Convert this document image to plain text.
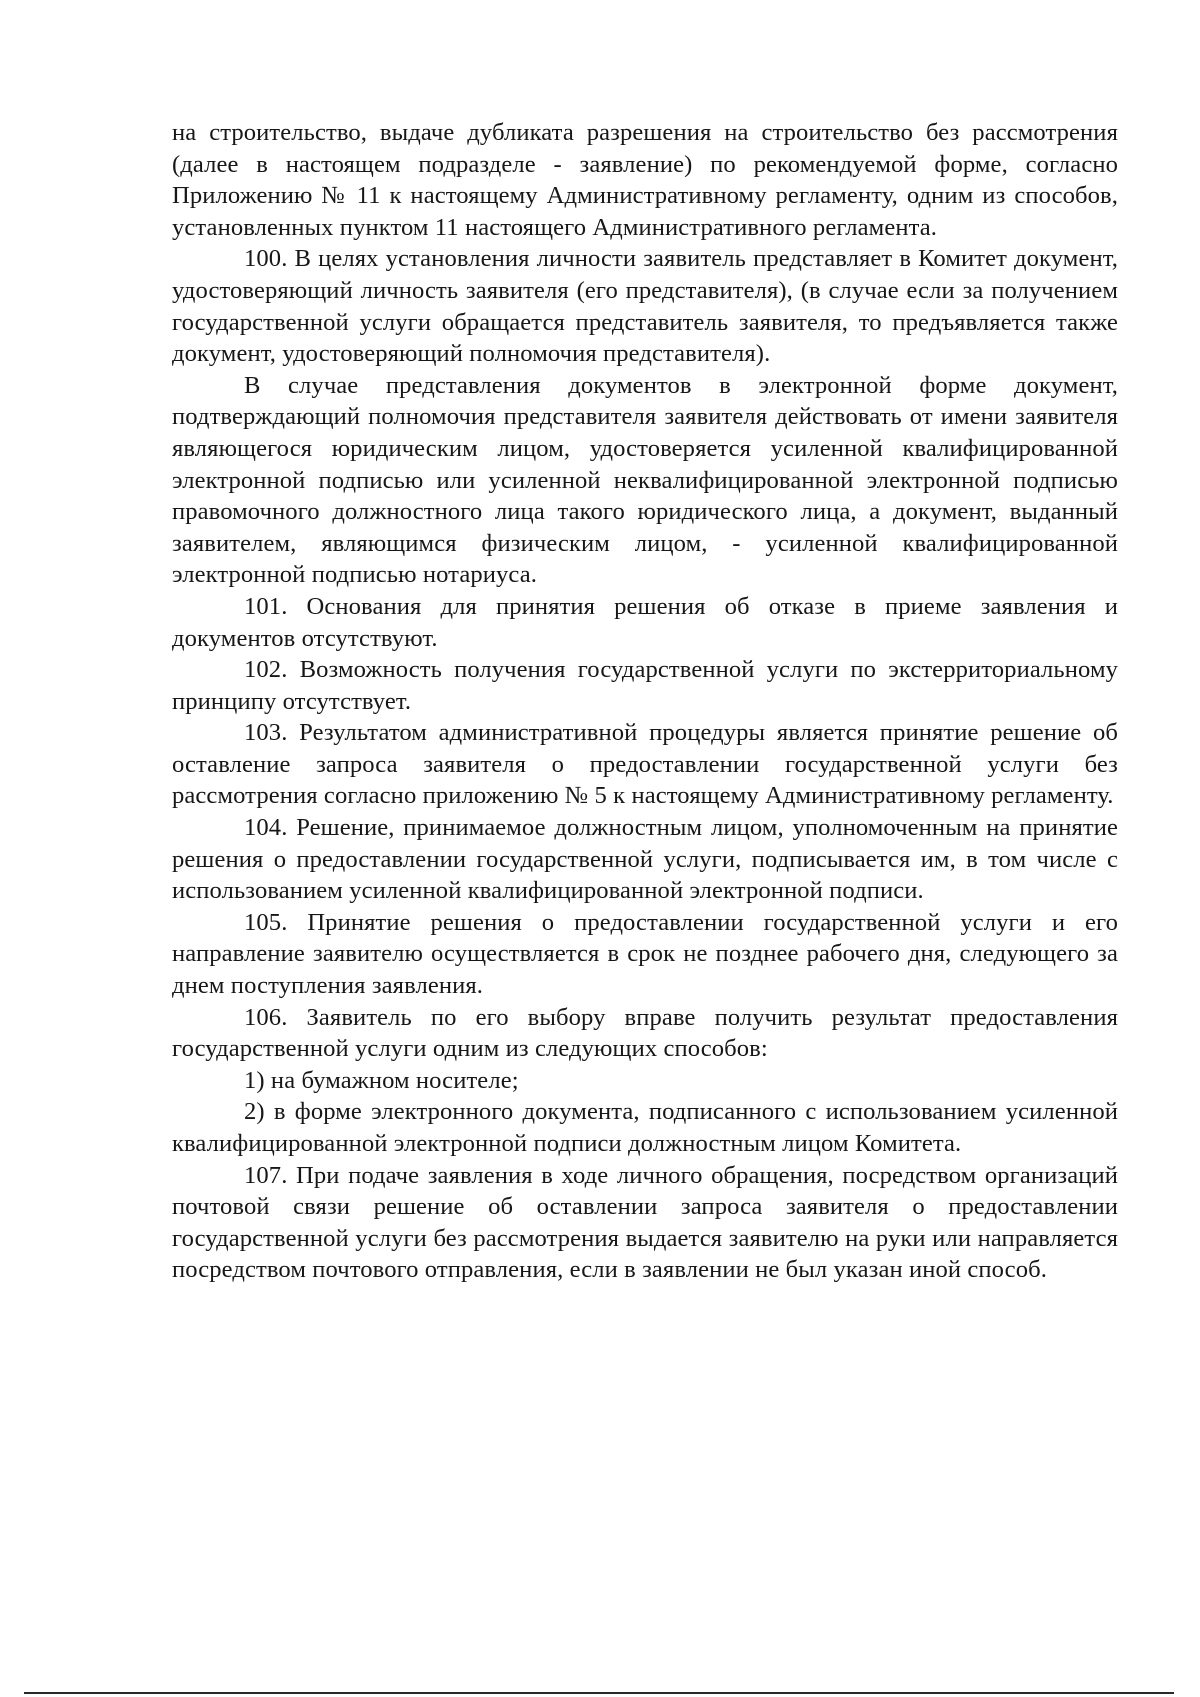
на строительство, выдаче дубликата разрешения на строительство без рассмотрения (далее в настоящем подразделе - заявление) по рекомендуемой форме, согласно Приложению № 11 к настоящему Административному регламенту, одним из способов, установленных пунктом 11 настоящего Административного регламента.

100. В целях установления личности заявитель представляет в Комитет документ, удостоверяющий личность заявителя (его представителя), (в случае если за получением государственной услуги обращается представитель заявителя, то предъявляется также документ, удостоверяющий полномочия представителя).

В случае представления документов в электронной форме документ, подтверждающий полномочия представителя заявителя действовать от имени заявителя являющегося юридическим лицом, удостоверяется усиленной квалифицированной электронной подписью или усиленной неквалифицированной электронной подписью правомочного должностного лица такого юридического лица, а документ, выданный заявителем, являющимся физическим лицом, - усиленной квалифицированной электронной подписью нотариуса.

101. Основания для принятия решения об отказе в приеме заявления и документов отсутствуют.

102. Возможность получения государственной услуги по экстерриториальному принципу отсутствует.

103. Результатом административной процедуры является принятие решение об оставление запроса заявителя о предоставлении государственной услуги без рассмотрения согласно приложению № 5 к настоящему Административному регламенту.

104. Решение, принимаемое должностным лицом, уполномоченным на принятие решения о предоставлении государственной услуги, подписывается им, в том числе с использованием усиленной квалифицированной электронной подписи.

105. Принятие решения о предоставлении государственной услуги и его направление заявителю осуществляется в срок не позднее рабочего дня, следующего за днем поступления заявления.

106. Заявитель по его выбору вправе получить результат предоставления государственной услуги одним из следующих способов:

1) на бумажном носителе;

2) в форме электронного документа, подписанного с использованием усиленной квалифицированной электронной подписи должностным лицом Комитета.

107. При подаче заявления в ходе личного обращения, посредством организаций почтовой связи решение об оставлении запроса заявителя о предоставлении государственной услуги без рассмотрения выдается заявителю на руки или направляется посредством почтового отправления, если в заявлении не был указан иной способ.
